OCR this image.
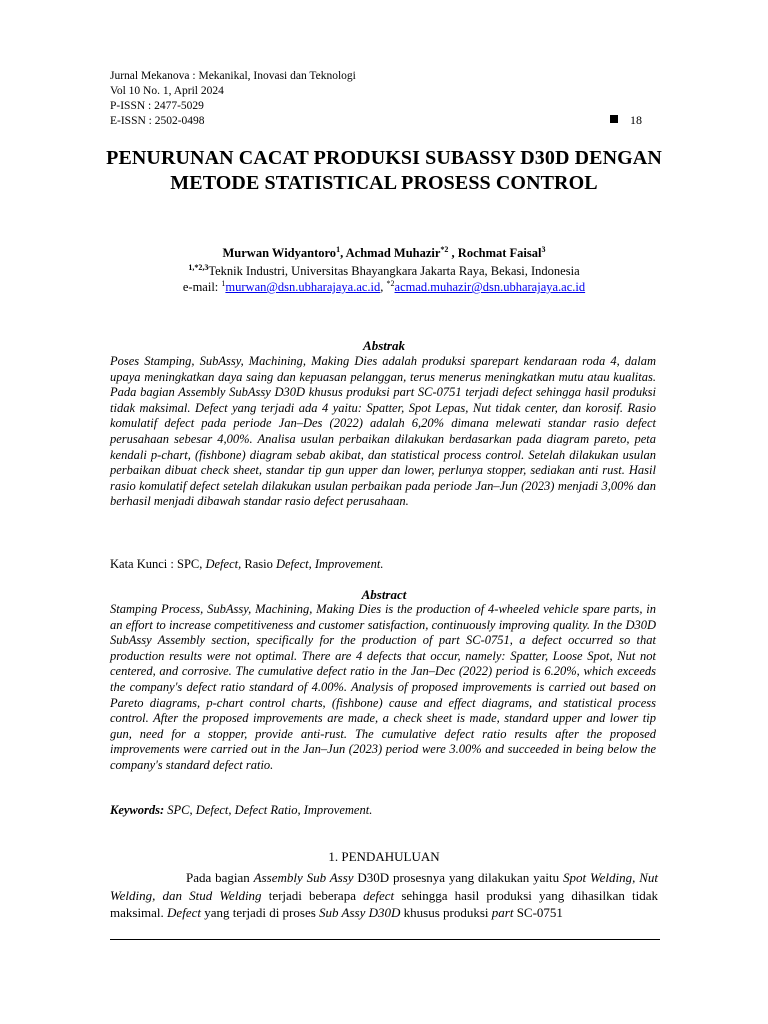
Jurnal Mekanova : Mekanikal, Inovasi dan Teknologi
Vol 10 No. 1, April 2024
P-ISSN : 2477-5029
E-ISSN : 2502-0498	18
PENURUNAN CACAT PRODUKSI SUBASSY D30D DENGAN METODE STATISTICAL PROSESS CONTROL
Murwan Widyantoro$^1$, Achmad Muhazir$^{*2}$ , Rochmat Faisal$^3$
$^{1,*2,3}$Teknik Industri, Universitas Bhayangkara Jakarta Raya, Bekasi, Indonesia
e-mail: $^1$murwan@dsn.ubharajaya.ac.id, $^{*2}$acmad.muhazir@dsn.ubharajaya.ac.id
Abstrak
Poses Stamping, SubAssy, Machining, Making Dies adalah produksi sparepart kendaraan roda 4, dalam upaya meningkatkan daya saing dan kepuasan pelanggan, terus menerus meningkatkan mutu atau kualitas. Pada bagian Assembly SubAssy D30D khusus produksi part SC-0751 terjadi defect sehingga hasil produksi tidak maksimal. Defect yang terjadi ada 4 yaitu: Spatter, Spot Lepas, Nut tidak center, dan korosif. Rasio komulatif defect pada periode Jan–Des (2022) adalah 6,20% dimana melewati standar rasio defect perusahaan sebesar 4,00%. Analisa usulan perbaikan dilakukan berdasarkan pada diagram pareto, peta kendali p-chart, (fishbone) diagram sebab akibat, dan statistical process control. Setelah dilakukan usulan perbaikan dibuat check sheet, standar tip gun upper dan lower, perlunya stopper, sediakan anti rust. Hasil rasio komulatif defect setelah dilakukan usulan perbaikan pada periode Jan–Jun (2023) menjadi 3,00% dan berhasil menjadi dibawah standar rasio defect perusahaan.
Kata Kunci : SPC, Defect, Rasio Defect, Improvement.
Abstract
Stamping Process, SubAssy, Machining, Making Dies is the production of 4-wheeled vehicle spare parts, in an effort to increase competitiveness and customer satisfaction, continuously improving quality. In the D30D SubAssy Assembly section, specifically for the production of part SC-0751, a defect occurred so that production results were not optimal. There are 4 defects that occur, namely: Spatter, Loose Spot, Nut not centered, and corrosive. The cumulative defect ratio in the Jan–Dec (2022) period is 6.20%, which exceeds the company's defect ratio standard of 4.00%. Analysis of proposed improvements is carried out based on Pareto diagrams, p-chart control charts, (fishbone) cause and effect diagrams, and statistical process control. After the proposed improvements are made, a check sheet is made, standard upper and lower tip gun, need for a stopper, provide anti-rust. The cumulative defect ratio results after the proposed improvements were carried out in the Jan–Jun (2023) period were 3.00% and succeeded in being below the company's standard defect ratio.
Keywords: SPC, Defect, Defect Ratio, Improvement.
1. PENDAHULUAN
Pada bagian Assembly Sub Assy D30D prosesnya yang dilakukan yaitu Spot Welding, Nut Welding, dan Stud Welding terjadi beberapa defect sehingga hasil produksi yang dihasilkan tidak maksimal. Defect yang terjadi di proses Sub Assy D30D khusus produksi part SC-0751
